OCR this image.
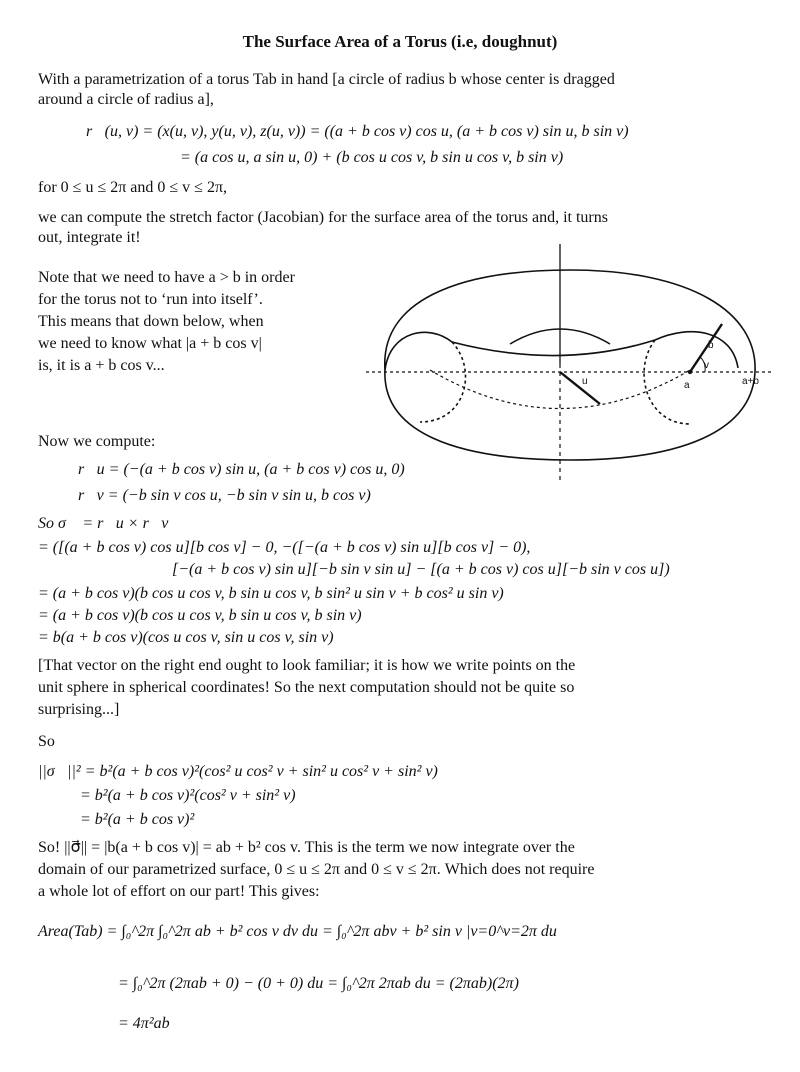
The Surface Area of a Torus (i.e, doughnut)
With a parametrization of a torus Tab in hand [a circle of radius b whose center is dragged
around a circle of radius a],
r⃗(u, v) = (x(u, v), y(u, v), z(u, v)) = ((a + b cos v) cos u, (a + b cos v) sin u, b sin v)
= (a cos u, a sin u, 0) + (b cos u cos v, b sin u cos v, b sin v)
for 0 ≤ u ≤ 2π and 0 ≤ v ≤ 2π,
we can compute the stretch factor (Jacobian) for the surface area of the torus and, it turns
out, integrate it!
Note that we need to have a > b in order
for the torus not to ‘run into itself’.
This means that down below, when
we need to know what |a + b cos v|
is, it is a + b cos v...
b
v
u	a	a+b
Now we compute:
r⃗u = (−(a + b cos v) sin u, (a + b cos v) cos u, 0)
r⃗v = (−b sin v cos u, −b sin v sin u, b cos v)
So σ⃗ = r⃗u × r⃗v
= ([(a + b cos v) cos u][b cos v] − 0, −([−(a + b cos v) sin u][b cos v] − 0),
[−(a + b cos v) sin u][−b sin v sin u] − [(a + b cos v) cos u][−b sin v cos u])
= (a + b cos v)(b cos u cos v, b sin u cos v, b sin² u sin v + b cos² u sin v)
= (a + b cos v)(b cos u cos v, b sin u cos v, b sin v)
= b(a + b cos v)(cos u cos v, sin u cos v, sin v)
[That vector on the right end ought to look familiar; it is how we write points on the
unit sphere in spherical coordinates! So the next computation should not be quite so
surprising...]
So
||σ⃗||² = b²(a + b cos v)²(cos² u cos² v + sin² u cos² v + sin² v)
= b²(a + b cos v)²(cos² v + sin² v)
= b²(a + b cos v)²
So! ||σ⃗|| = |b(a + b cos v)| = ab + b² cos v. This is the term we now integrate over the
domain of our parametrized surface, 0 ≤ u ≤ 2π and 0 ≤ v ≤ 2π. Which does not require
a whole lot of effort on our part! This gives:
Area(Tab) = ∫₀^2π ∫₀^2π ab + b² cos v dv du = ∫₀^2π abv + b² sin v |v=0^v=2π du
= ∫₀^2π (2πab + 0) − (0 + 0) du = ∫₀^2π 2πab du = (2πab)(2π)
= 4π²ab
